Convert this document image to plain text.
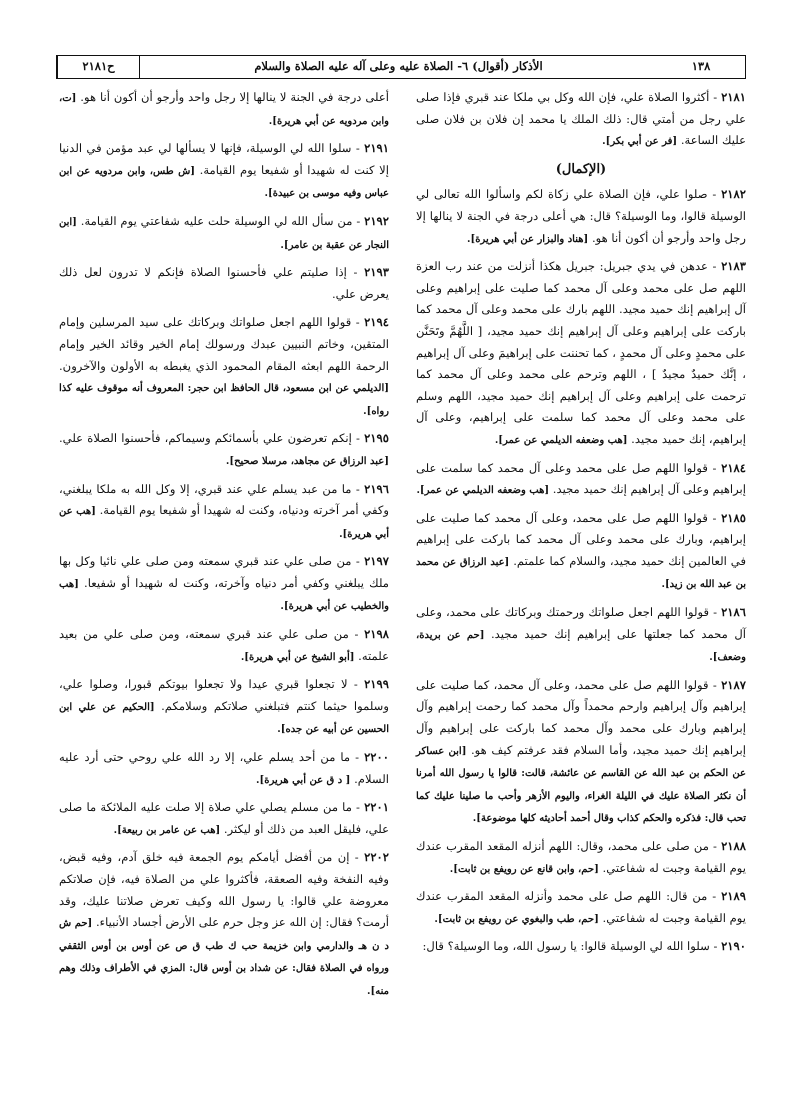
ح٢١٨١	الأذكار (أقوال) ٦- الصلاة عليه وعلى آله عليه الصلاة والسلام	١٣٨
٢١٨١ - أكثروا الصلاة علي، فإن الله وكل بي ملكا عند قبري فإذا صلى علي رجل من أمتي قال: ذلك الملك يا محمد إن فلان بن فلان صلى عليك الساعة. [فر عن أبي بكر].
(الإكمال)
٢١٨٢ - صلوا علي، فإن الصلاة علي زكاة لكم واسألوا الله تعالى لي الوسيلة قالوا، وما الوسيلة؟ قال: هي أعلى درجة في الجنة لا ينالها إلا رجل واحد وأرجو أن أكون أنا هو. [هناد والبزار عن أبي هريرة].
٢١٨٣ - عدهن في يدي جبريل: جبريل هكذا أنزلت من عند رب العزة اللهم صل على محمد وعلى آل محمد كما صليت على إبراهيم وعلى آل إبراهيم إنك حميد مجيد. اللهم بارك على محمد وعلى آل محمد كما باركت على إبراهيم وعلى آل إبراهيم إنك حميد مجيد، [ اللَّهُمَّ وتَحَنَّن على محمدٍ وعلى آل محمدٍ ، كما تحننت على إبراهيمَ وعلى آل إبراهيم ، إنَّك حميدٌ مجيدٌ ] ، اللهم وترحم على محمد وعلى آل محمد كما ترحمت على إبراهيم وعلى آل إبراهيم إنك حميد مجيد، اللهم وسلم على محمد وعلى آل محمد كما سلمت على إبراهيم، وعلى آل إبراهيم، إنك حميد مجيد. [هب وضعفه الديلمي عن عمر].
٢١٨٤ - قولوا اللهم صل على محمد وعلى آل محمد كما سلمت على إبراهيم وعلى آل إبراهيم إنك حميد مجيد. [هب وضعفه الديلمي عن عمر].
٢١٨٥ - قولوا اللهم صل على محمد، وعلى آل محمد كما صليت على إبراهيم، وبارك على محمد وعلى آل محمد كما باركت على إبراهيم في العالمين إنك حميد مجيد، والسلام كما علمتم. [عبد الرزاق عن محمد بن عبد الله بن زيد].
٢١٨٦ - قولوا اللهم اجعل صلواتك ورحمتك وبركاتك على محمد، وعلى آل محمد كما جعلتها على إبراهيم إنك حميد مجيد. [حم عن بريدة، وضعف].
٢١٨٧ - قولوا اللهم صل على محمد، وعلى آل محمد، كما صليت على إبراهيم وآل إبراهيم وارحم محمداً وآل محمد كما رحمت إبراهيم وآل إبراهيم وبارك على محمد وآل محمد كما باركت على إبراهيم وآل إبراهيم إنك حميد مجيد، وأما السلام فقد عرفتم كيف هو. [ابن عساكر عن الحكم بن عبد الله عن القاسم عن عائشة، قالت: قالوا يا رسول الله أمرنا أن نكثر الصلاة عليك في الليلة الغراء، واليوم الأزهر وأحب ما صلينا عليك كما تحب قال: فذكره والحكم كذاب وقال أحمد أحاديثه كلها موضوعة].
٢١٨٨ - من صلى على محمد، وقال: اللهم أنزله المقعد المقرب عندك يوم القيامة وجبت له شفاعتي. [حم، وابن قانع عن رويفع بن ثابت].
٢١٨٩ - من قال: اللهم صل على محمد وأنزله المقعد المقرب عندك يوم القيامة وجبت له شفاعتي. [حم، طب والبغوي عن رويفع بن ثابت].
٢١٩٠ - سلوا الله لي الوسيلة قالوا: يا رسول الله، وما الوسيلة؟ قال:
أعلى درجة في الجنة لا ينالها إلا رجل واحد وأرجو أن أكون أنا هو. [ت، وابن مردويه عن أبي هريرة].
٢١٩١ - سلوا الله لي الوسيلة، فإنها لا يسألها لي عبد مؤمن في الدنيا إلا كنت له شهيدا أو شفيعا يوم القيامة. [ش طس، وابن مردويه عن ابن عباس وفيه موسى بن عبيدة].
٢١٩٢ - من سأل الله لي الوسيلة حلت عليه شفاعتي يوم القيامة. [ابن النجار عن عقبة بن عامر].
٢١٩٣ - إذا صليتم علي فأحسنوا الصلاة فإنكم لا تدرون لعل ذلك يعرض علي.
٢١٩٤ - قولوا اللهم اجعل صلواتك وبركاتك على سيد المرسلين وإمام المتقين، وخاتم النبيين عبدك ورسولك إمام الخير وقائد الخير وإمام الرحمة اللهم ابعثه المقام المحمود الذي يغبطه به الأولون والآخرون. [الديلمي عن ابن مسعود، قال الحافظ ابن حجر: المعروف أنه موقوف عليه كذا رواه].
٢١٩٥ - إنكم تعرضون علي بأسمائكم وسيماكم، فأحسنوا الصلاة علي. [عبد الرزاق عن مجاهد، مرسلا صحيح].
٢١٩٦ - ما من عبد يسلم علي عند قبري، إلا وكل الله به ملكا يبلغني، وكفي أمر آخرته ودنياه، وكنت له شهيدا أو شفيعا يوم القيامة. [هب عن أبي هريرة].
٢١٩٧ - من صلى علي عند قبري سمعته ومن صلى علي نائيا وكل بها ملك يبلغني وكفي أمر دنياه وآخرته، وكنت له شهيدا أو شفيعا. [هب والخطيب عن أبي هريرة].
٢١٩٨ - من صلى علي عند قبري سمعته، ومن صلى علي من بعيد علمته. [أبو الشيخ عن أبي هريرة].
٢١٩٩ - لا تجعلوا قبري عيدا ولا تجعلوا بيوتكم قبورا، وصلوا علي، وسلموا حيثما كنتم فتبلغني صلاتكم وسلامكم. [الحكيم عن علي ابن الحسين عن أبيه عن جده].
٢٢٠٠ - ما من أحد يسلم علي، إلا رد الله علي روحي حتى أرد عليه السلام. [ د ق عن أبي هريرة].
٢٢٠١ - ما من مسلم يصلي علي صلاة إلا صلت عليه الملائكة ما صلى علي، فليقل العبد من ذلك أو ليكثر. [هب عن عامر بن ربيعة].
٢٢٠٢ - إن من أفضل أيامكم يوم الجمعة فيه خلق آدم، وفيه قبض، وفيه النفخة وفيه الصعقة، فأكثروا علي من الصلاة فيه، فإن صلاتكم معروضة علي قالوا: يا رسول الله وكيف تعرض صلاتنا عليك، وقد أرمت؟ فقال: إن الله عز وجل حرم على الأرض أجساد الأنبياء. [حم ش د ن هـ والدارمي وابن خزيمة حب ك طب ق ص عن أوس بن أوس الثقفي ورواه في الصلاة فقال: عن شداد بن أوس قال: المزي في الأطراف وذلك وهم منه].
